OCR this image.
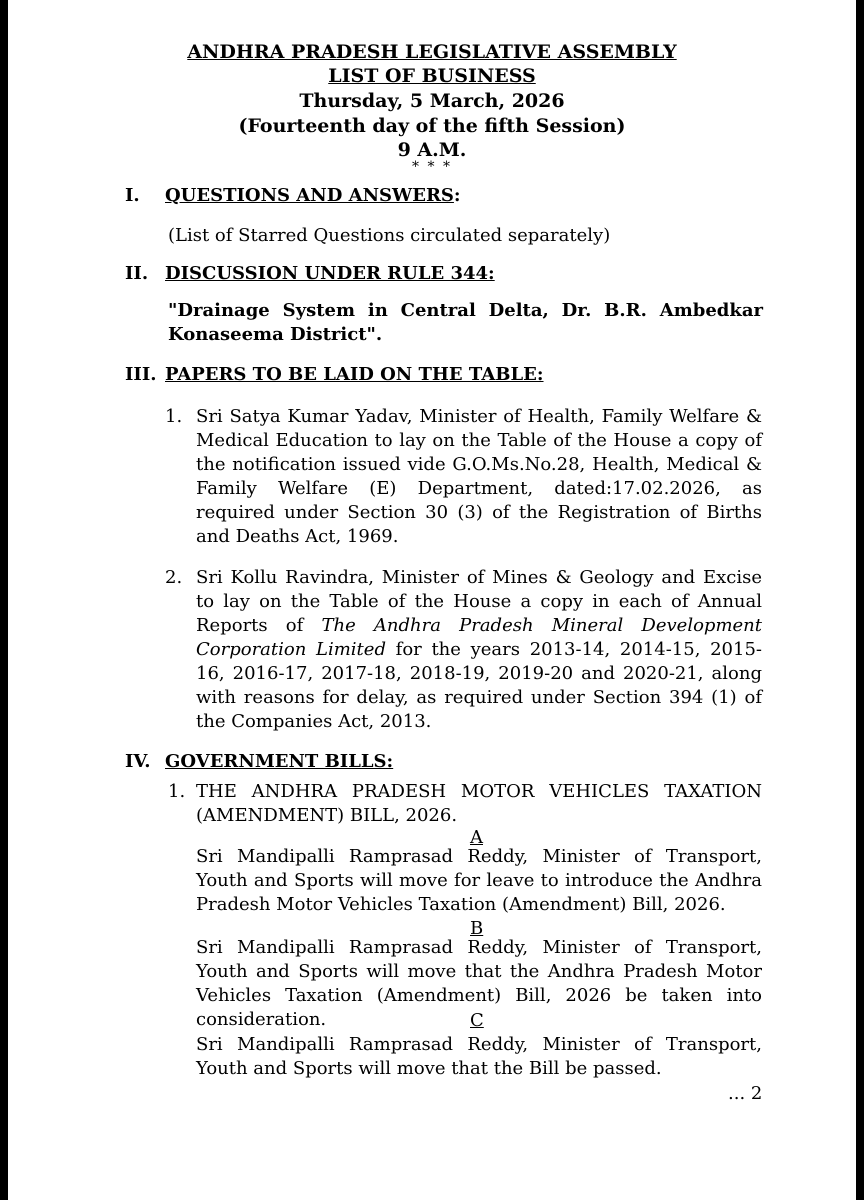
ANDHRA PRADESH LEGISLATIVE ASSEMBLY
LIST OF BUSINESS
Thursday, 5 March, 2026
(Fourteenth day of the fifth Session)
9 A.M.
* * *
I. QUESTIONS AND ANSWERS:
(List of Starred Questions circulated separately)
II. DISCUSSION UNDER RULE 344:
"Drainage System in Central Delta, Dr. B.R. Ambedkar Konaseema District".
III. PAPERS TO BE LAID ON THE TABLE:
1. Sri Satya Kumar Yadav, Minister of Health, Family Welfare & Medical Education to lay on the Table of the House a copy of the notification issued vide G.O.Ms.No.28, Health, Medical & Family Welfare (E) Department, dated:17.02.2026, as required under Section 30 (3) of the Registration of Births and Deaths Act, 1969.
2. Sri Kollu Ravindra, Minister of Mines & Geology and Excise to lay on the Table of the House a copy in each of Annual Reports of The Andhra Pradesh Mineral Development Corporation Limited for the years 2013-14, 2014-15, 2015-16, 2016-17, 2017-18, 2018-19, 2019-20 and 2020-21, along with reasons for delay, as required under Section 394 (1) of the Companies Act, 2013.
IV. GOVERNMENT BILLS:
1. THE ANDHRA PRADESH MOTOR VEHICLES TAXATION (AMENDMENT) BILL, 2026.
A
Sri Mandipalli Ramprasad Reddy, Minister of Transport, Youth and Sports will move for leave to introduce the Andhra Pradesh Motor Vehicles Taxation (Amendment) Bill, 2026.
B
Sri Mandipalli Ramprasad Reddy, Minister of Transport, Youth and Sports will move that the Andhra Pradesh Motor Vehicles Taxation (Amendment) Bill, 2026 be taken into consideration.	C
Sri Mandipalli Ramprasad Reddy, Minister of Transport, Youth and Sports will move that the Bill be passed.
... 2
